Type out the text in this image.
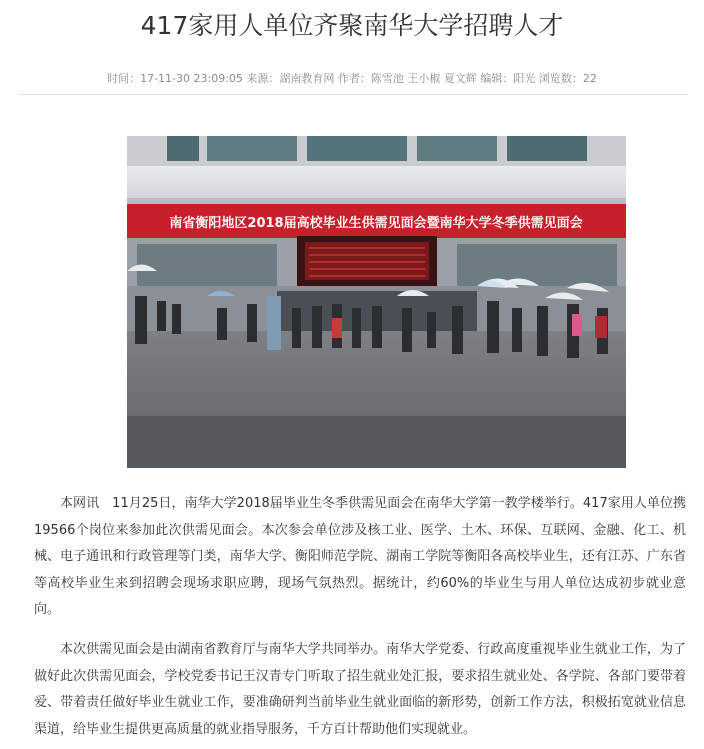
417家用人单位齐聚南华大学招聘人才
时间：17-11-30 23:09:05 来源：湖南教育网 作者：陈雪池 王小椒 夏文辉 编辑：阳光 浏览数：22
南省衡阳地区2018届高校毕业生供需见面会暨南华大学冬季供需见面会

本网讯　11月25日，南华大学2018届毕业生冬季供需见面会在南华大学第一教学楼举行。417家用人单位携19566个岗位来参加此次供需见面会。本次参会单位涉及核工业、医学、土木、环保、互联网、金融、化工、机械、电子通讯和行政管理等门类，南华大学、衡阳师范学院、湖南工学院等衡阳各高校毕业生，还有江苏、广东省等高校毕业生来到招聘会现场求职应聘，现场气氛热烈。据统计，约60%的毕业生与用人单位达成初步就业意向。

本次供需见面会是由湖南省教育厅与南华大学共同举办。南华大学党委、行政高度重视毕业生就业工作，为了做好此次供需见面会，学校党委书记王汉青专门听取了招生就业处汇报，要求招生就业处、各学院、各部门要带着爱、带着责任做好毕业生就业工作，要准确研判当前毕业生就业面临的新形势，创新工作方法，积极拓宽就业信息渠道，给毕业生提供更高质量的就业指导服务，千方百计帮助他们实现就业。
